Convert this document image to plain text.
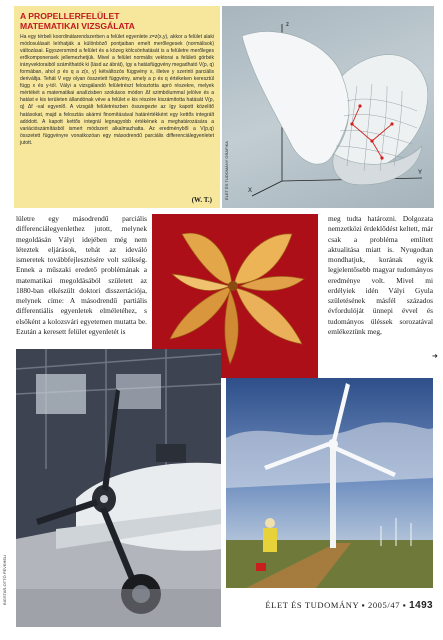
A PROPELLERFELÜLET
MATEMATIKAI VIZSGÁLATA

Ha egy térbeli koordinátarendszerben a felület egyenlete z=z(x,y), akkor a felület alaki módosulásait leírhatják a különböző pontjaiban emelt merőlegesek (normálisok) változásai. Egyszersmind a felület és a közeg kölcsönhatását is a felületre merőleges erőkomponensek jellemezhetjük. Mivel a felület normális vektorai a felületi görbék irányvektoraiból számíthatók ki (lásd az ábrát), így a hatásfüggvény megadható V(p, q) formában, ahol p és q a z(x, y) kétváltozós függvény x, illetve y szerinti parciális deriváltja. Tehát V egy olyan összetett függvény, amely a p és q értékeken keresztül függ x és y-tól. Vályi a vizsgálandó felületrészt felosztotta apró részekre, melyek mértékét a matematikai analízisben szokásos módon Δf szimbólummal jelölve és a hatást e kis területen állandónak véve a felület e kis részére kiszámította hatását V(p, q) Δf -val egyenlő. A vizsgált felületrészben összegezte az így kapott közelítő hatásokat, majd a felosztás akármi finomításával határértékként egy kettős integrált adódott. A kapott kettős integrál legnagyobb értékének a meghatározására a variációszámításból ismert módszert alkalmazhatta. Az eredményből a V(p,q) összetett függvényre vonatkozóan egy másodrendű parciális differenciálegyenletet jutott.

(W. T.)
z
X
Y
ÉLET ÉS TUDOMÁNY GRAFIKA

lületre egy másodrendű parciális differenciálegyenlethez jutott, melynek megoldásán Vályi idejében még nem léteztek eljárások, tehát az ideváló ismeretek továbbfejlesztésére volt szükség. Ennek a műszaki eredető problémának a matematikai megoldásából született az 1880-ban elkészült doktori disszertációja, melynek címe: A másodrendű partiális differentiális egyenletek elméletéhez, s elsőként a kolozsvári egyetemen mutatta be. Ezután a keresett felület egyenletét is

meg tudta határozni. Dolgozata nemzetközi érdeklődést keltett, már csak a probléma említett aktualitása miatt is. Nyugodtan mondhatjuk, korának egyik legjelentősebb magyar tudományos eredménye volt. Mivel mi erdélyiek idén Vályi Gyula születésének másfél százados évfordulóját ünnepi évvel és tudományos üléssek sorozatával emlékeztünk meg,

➜
BIGSTAR-OTTÓ PÉVEHELI	ÉLET ÉS TUDOMÁNY ▪ 2005/47 ▪ 1493
